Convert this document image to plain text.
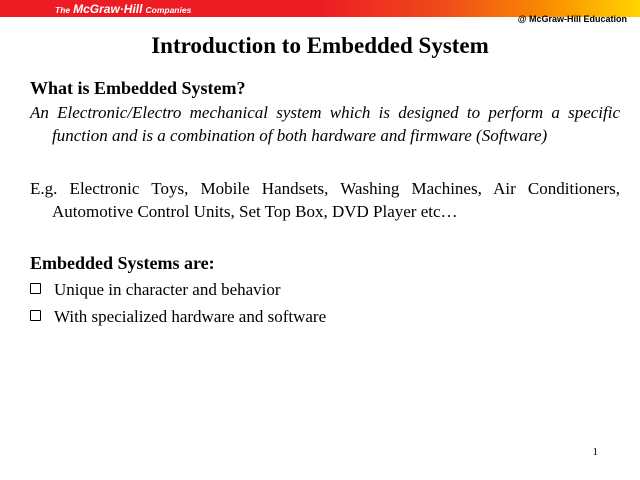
The McGraw·Hill Companies
@ McGraw-Hill Education
Introduction to Embedded System
What is Embedded System?

An Electronic/Electro mechanical system which is designed to perform a specific function and is a combination of both hardware and firmware (Software)

E.g. Electronic Toys, Mobile Handsets, Washing Machines, Air Conditioners, Automotive Control Units, Set Top Box, DVD Player etc…

Embedded Systems are:
Unique in character and behavior
With specialized hardware and software
1
